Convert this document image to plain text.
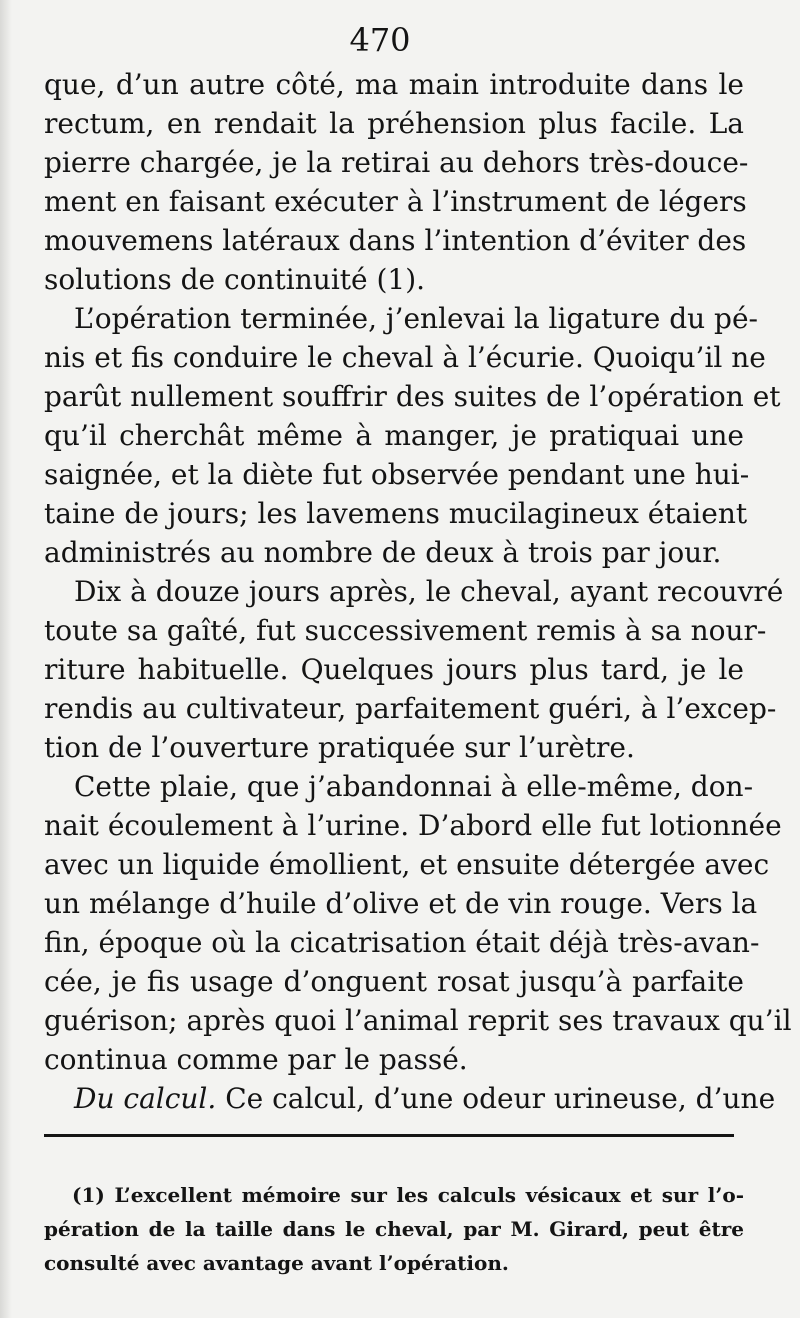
470
que, d’un autre côté, ma main introduite dans le
rectum, en rendait la préhension plus facile. La
pierre chargée, je la retirai au dehors très-douce-
ment en faisant exécuter à l’instrument de légers
mouvemens latéraux dans l’intention d’éviter des
solutions de continuité (1).
L’opération terminée, j’enlevai la ligature du pé-
nis et fis conduire le cheval à l’écurie. Quoiqu’il ne
parût nullement souffrir des suites de l’opération et
qu’il cherchât même à manger, je pratiquai une
saignée, et la diète fut observée pendant une hui-
taine de jours; les lavemens mucilagineux étaient
administrés au nombre de deux à trois par jour.
Dix à douze jours après, le cheval, ayant recouvré
toute sa gaîté, fut successivement remis à sa nour-
riture habituelle. Quelques jours plus tard, je le
rendis au cultivateur, parfaitement guéri, à l’excep-
tion de l’ouverture pratiquée sur l’urètre.
Cette plaie, que j’abandonnai à elle-même, don-
nait écoulement à l’urine. D’abord elle fut lotionnée
avec un liquide émollient, et ensuite détergée avec
un mélange d’huile d’olive et de vin rouge. Vers la
fin, époque où la cicatrisation était déjà très-avan-
cée, je fis usage d’onguent rosat jusqu’à parfaite
guérison; après quoi l’animal reprit ses travaux qu’il
continua comme par le passé.
Du calcul. Ce calcul, d’une odeur urineuse, d’une
(1) L’excellent mémoire sur les calculs vésicaux et sur l’o-
pération de la taille dans le cheval, par M. Girard, peut être
consulté avec avantage avant l’opération.
